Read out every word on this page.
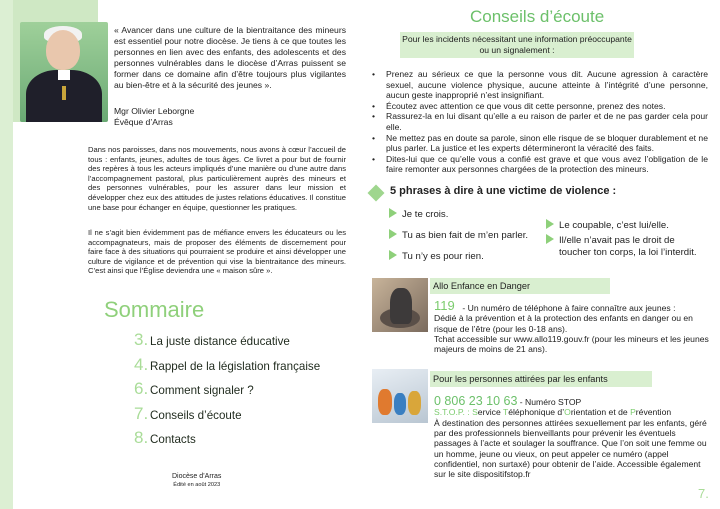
« Avancer dans une culture de la bientraitance des mineurs est essentiel pour notre diocèse. Je tiens à ce que toutes les personnes en lien avec des enfants, des adolescents et des personnes vulnérables dans le diocèse d’Arras puissent se former dans ce domaine afin d’être toujours plus vigilantes au bien-être et à la sécurité des jeunes ».

Mgr Olivier Leborgne
Évêque d’Arras

Dans nos paroisses, dans nos mouvements, nous avons à cœur l’accueil de tous : enfants, jeunes, adultes de tous âges. Ce livret a pour but de fournir des repères à tous les acteurs impliqués d’une manière ou d’une autre dans l’accompagnement pastoral, plus particulièrement auprès des mineurs et des personnes vulnérables, pour les assurer dans leur mission et développer chez eux des attitudes de justes relations éducatives. Il constitue une base pour échanger en équipe, questionner les pratiques.

Il ne s’agit bien évidemment pas de méfiance envers les éducateurs ou les accompagnateurs, mais de proposer des éléments de discernement pour faire face à des situations qui pourraient se produire et ainsi développer une culture de vigilance et de prévention qui vise la bientraitance des mineurs. C’est ainsi que l’Église deviendra une « maison sûre ».

Sommaire
3. La juste distance éducative
4. Rappel de la législation française
6. Comment signaler ?
7. Conseils d’écoute
8. Contacts
Diocèse d’Arras
Édité en août 2023
Conseils d’écoute
Pour les incidents nécessitant une information préoccupante ou un signalement :
• Prenez au sérieux ce que la personne vous dit. Aucune agression à caractère sexuel, aucune violence physique, aucune atteinte à l’intégrité d’une personne, aucun geste inapproprié n’est insignifiant.
• Écoutez avec attention ce que vous dit cette personne, prenez des notes.
• Rassurez-la en lui disant qu’elle a eu raison de parler et de ne pas garder cela pour elle.
• Ne mettez pas en doute sa parole, sinon elle risque de se bloquer durablement et ne plus parler. La justice et les experts détermineront la véracité des faits.
• Dites-lui que ce qu’elle vous a confié est grave et que vous avez l’obligation de le faire remonter aux personnes chargées de la protection des mineurs.
5 phrases à dire à une victime de violence :
Je te crois.
Tu as bien fait de m’en parler.
Tu n’y es pour rien.
Le coupable, c’est lui/elle.
Il/elle n’avait pas le droit de
toucher ton corps, la loi l’interdit.
Allo Enfance en Danger
119 - Un numéro de téléphone à faire connaître aux jeunes :
Dédié à la prévention et à la protection des enfants en danger ou en risque de l’être (pour les 0-18 ans).
Tchat accessible sur www.allo119.gouv.fr (pour les mineurs et les jeunes majeurs de moins de 21 ans).
Pour les personnes attirées par les enfants
0 806 23 10 63 - Numéro STOP
S.T.O.P. : Service Téléphonique d’Orientation et de Prévention
À destination des personnes attirées sexuellement par les enfants, géré par des professionnels bienveillants pour prévenir les éventuels passages à l’acte et soulager la souffrance. Que l’on soit une femme ou un homme, jeune ou vieux, on peut appeler ce numéro (appel confidentiel, non surtaxé) pour obtenir de l’aide. Accessible également sur le site dispositifstop.fr
7.
